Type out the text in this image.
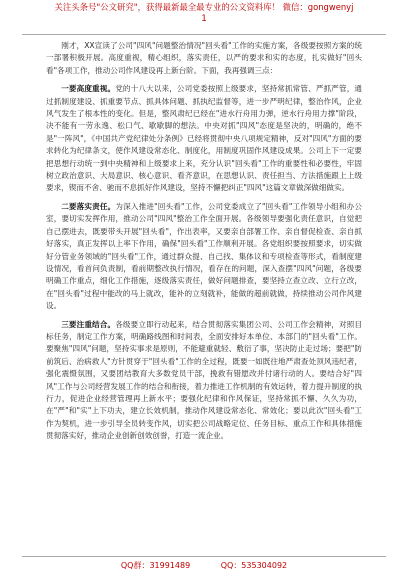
关注头条号"公文研究"，获得最新最全最专业的公文资料库！ 微信：gongwenyj
1

刚才，XX宣读了公司"四风"问题整治情况"回头看"工作的实施方案，各级要按照方案的统一部署积极开展。高度重视，精心组织，落实责任，以严的要求和实的态度，扎实做好"回头看"各项工作，推动公司作风建设再上新台阶。下面，我再强调三点：

一要高度重视。党的十八大以来，公司党委按照上级要求，坚持常抓常管、严抓严管，通过抓制度建设、抓重要节点、抓具体问题、抓执纪监督等，进一步严明纪律，整治作风，企业风气发生了根本性的变化。但是，整风肃纪已经在"进水行舟用力弹，逆水行舟用力撑"阶段，决不能有一劳永逸、松口气、歇歇脚的想法。中央对抓"四风"态度是坚决的，明确的，绝不是"一阵风"，《中国共产党纪律处分条例》已经将贯彻中央八项规定精神，反对"四风"方面的要求转化为纪律条文，使作风建设常态化、制度化，用制度巩固作风建设成果。公司上下一定要把思想行动统一到中央精神和上级要求上来，充分认识"回头看"工作的重要性和必要性，牢固树立政治意识、大局意识、核心意识、看齐意识，在思想认识、责任担当、方法措施跟上上级要求，锲而不舍、驰而不息抓好作风建设，坚持不懈把纠正"四风"这篇文章做深做细做实。

二要落实责任。为深入推进"回头看"工作，公司党委成立了"回头看"工作领导小组和办公室，要切实发挥作用，推动公司"四风"整治工作全面开展。各级领导要强化责任意识，自觉把自己摆进去，既要带头开展"回头看"，作出表率，又要亲自部署工作、亲自督促检查、亲自抓好落实，真正发挥以上率下作用，确保"回头看"工作顺利开展。各党组织要按照要求，切实做好分管业务领域的"回头看"工作，通过群众提、自己找、集体议和专项检查等形式，看制度建设情况，看首问负责制，看前期整改执行情况，看存在的问题，深入查摆"四风"问题，各级要明确工作重点，细化工作措施，逐级落实责任，做好问题排查，要坚持立查立改、立行立改，在"回头看"过程中能改的马上就改，能补的立刻就补，能做的超前就做，持续推动公司作风建设。

三要注重结合。各级要立即行动起来，结合贯彻落实集团公司、公司工作会精神，对照目标任务，制定工作方案，明确路线图和时间表，全面安排好本单位、本部门的"回头看"工作。要聚焦"四风"问题，坚持实事求是原则，不能避重就轻、敷衍了事，坚决防止走过场；要把"防前筑后、治病救人"方针贯穿于"回头看"工作的全过程，既要一如既往地严肃查处顶风违纪者，强化震慑氛围，又要团结教育大多数党员干部，挽救有错愿改并付诸行动的人。要结合好"四风"工作与公司经营发展工作的结合和衔接，着力推进工作机制的有效运转，着力提升制度的执行力，促进企业经营管理再上新水平；要强化纪律和作风保证，坚持常抓不懈、久久为功，在"严"和"实"上下功夫，建立长效机制，推动作风建设常态化、常效化；要以此次"回头看"工作为契机，进一步引导全员转变作风，切实把公司战略定位、任务目标、重点工作和具体措施贯彻落实好，推动企业创新创效创誉，打造一流企业。

QQ群：31991489	QQ：535304092
